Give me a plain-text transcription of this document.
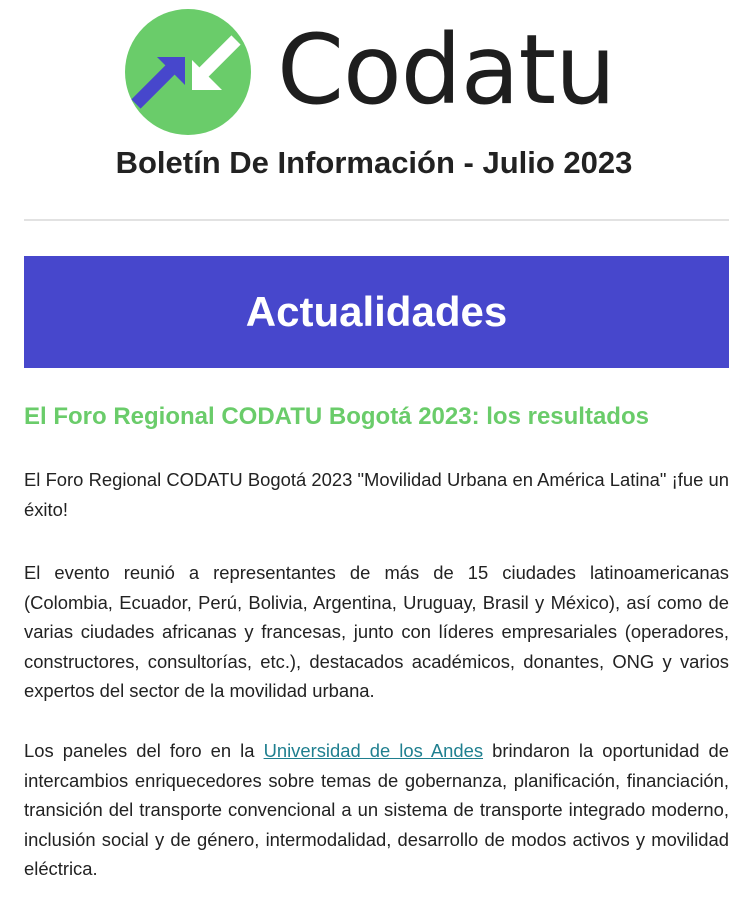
Codatu
Boletín De Información - Julio 2023
Actualidades
El Foro Regional CODATU Bogotá 2023: los resultados

El Foro Regional CODATU Bogotá 2023 "Movilidad Urbana en América Latina" ¡fue un éxito!

El evento reunió a representantes de más de 15 ciudades latinoamericanas (Colombia, Ecuador, Perú, Bolivia, Argentina, Uruguay, Brasil y México), así como de varias ciudades africanas y francesas, junto con líderes empresariales (operadores, constructores, consultorías, etc.), destacados académicos, donantes, ONG y varios expertos del sector de la movilidad urbana.

Los paneles del foro en la Universidad de los Andes brindaron la oportunidad de intercambios enriquecedores sobre temas de gobernanza, planificación, financiación, transición del transporte convencional a un sistema de transporte integrado moderno, inclusión social y de género, intermodalidad, desarrollo de modos activos y movilidad eléctrica.
